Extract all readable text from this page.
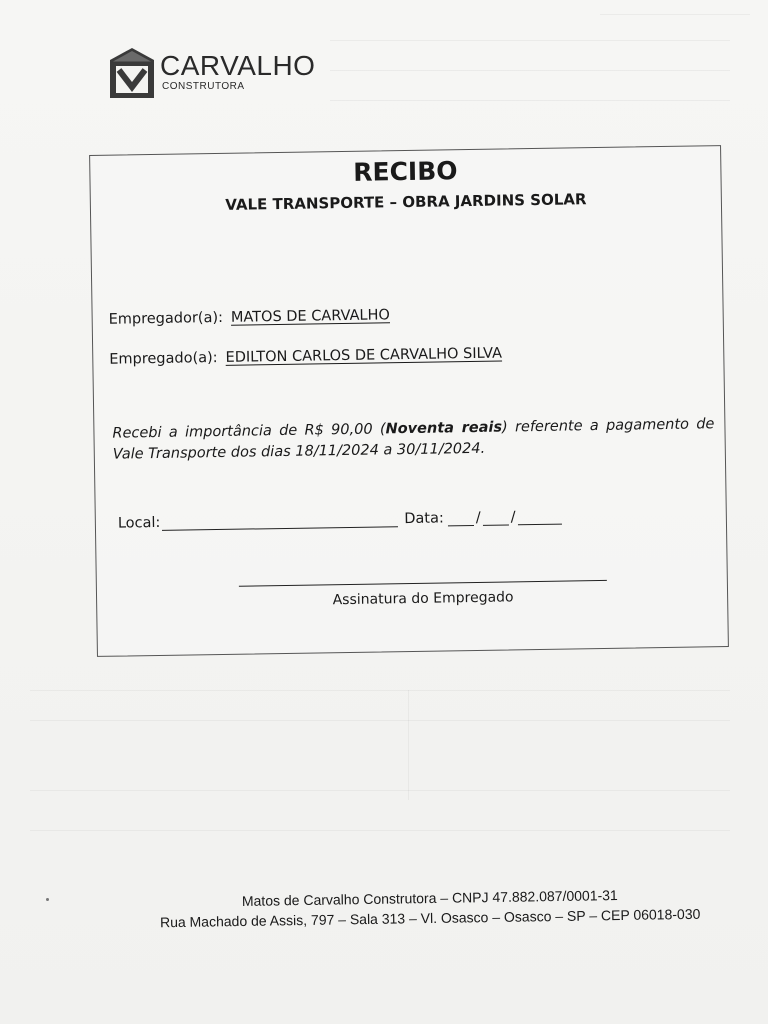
CARVALHO
CONSTRUTORA
RECIBO
VALE TRANSPORTE – OBRA JARDINS SOLAR
Empregador(a): MATOS DE CARVALHO
Empregado(a): EDILTON CARLOS DE CARVALHO SILVA
Recebi a importância de R$ 90,00 (Noventa reais) referente a pagamento de Vale Transporte dos dias 18/11/2024 a 30/11/2024.
Local:	Data: / /
Assinatura do Empregado
Matos de Carvalho Construtora – CNPJ 47.882.087/0001-31
Rua Machado de Assis, 797 – Sala 313 – Vl. Osasco – Osasco – SP – CEP 06018-030
